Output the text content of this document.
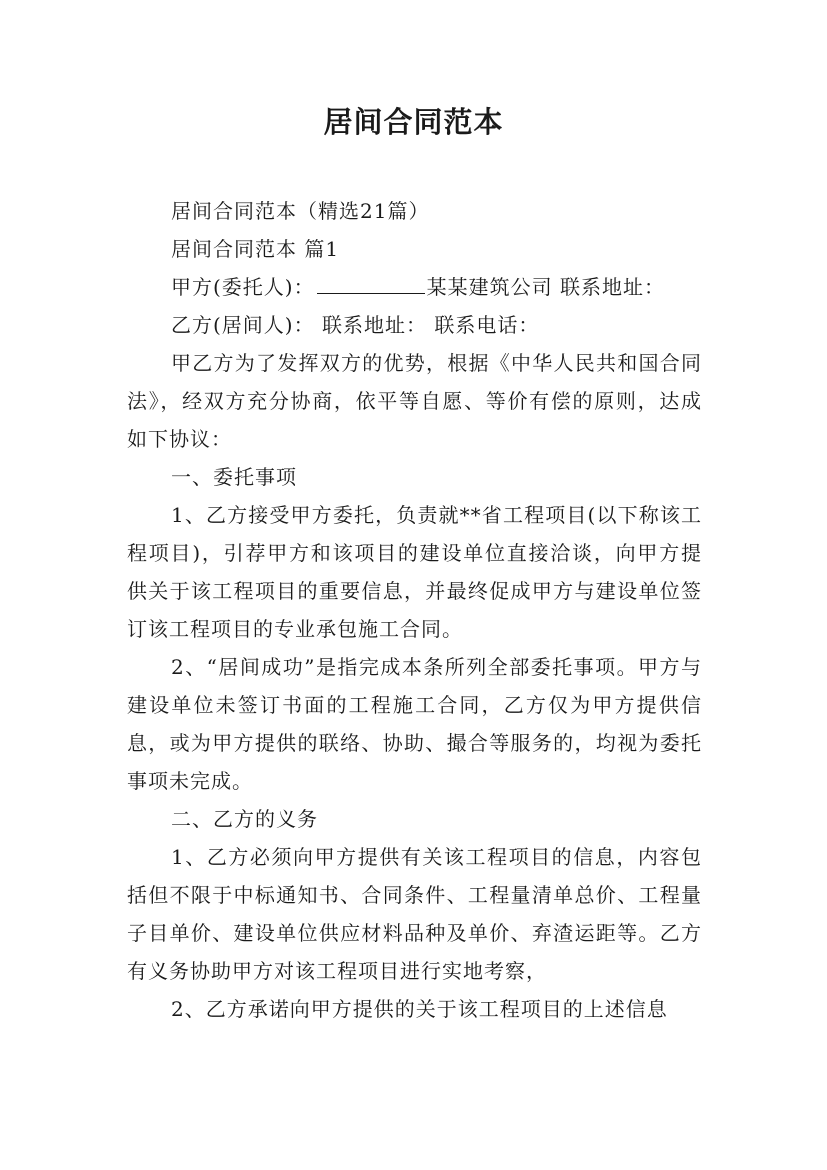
居间合同范本

居间合同范本（精选21篇）

居间合同范本 篇1

甲方(委托人)：	某某建筑公司 联系地址：

乙方(居间人)： 联系地址： 联系电话：

甲乙方为了发挥双方的优势，根据《中华人民共和国合同法》，经双方充分协商，依平等自愿、等价有偿的原则，达成如下协议：

一、委托事项

1、乙方接受甲方委托，负责就**省工程项目(以下称该工程项目)，引荐甲方和该项目的建设单位直接洽谈，向甲方提供关于该工程项目的重要信息，并最终促成甲方与建设单位签订该工程项目的专业承包施工合同。

2、“居间成功”是指完成本条所列全部委托事项。甲方与建设单位未签订书面的工程施工合同，乙方仅为甲方提供信息，或为甲方提供的联络、协助、撮合等服务的，均视为委托事项未完成。

二、乙方的义务

1、乙方必须向甲方提供有关该工程项目的信息，内容包括但不限于中标通知书、合同条件、工程量清单总价、工程量子目单价、建设单位供应材料品种及单价、弃渣运距等。乙方有义务协助甲方对该工程项目进行实地考察，

2、乙方承诺向甲方提供的关于该工程项目的上述信息
